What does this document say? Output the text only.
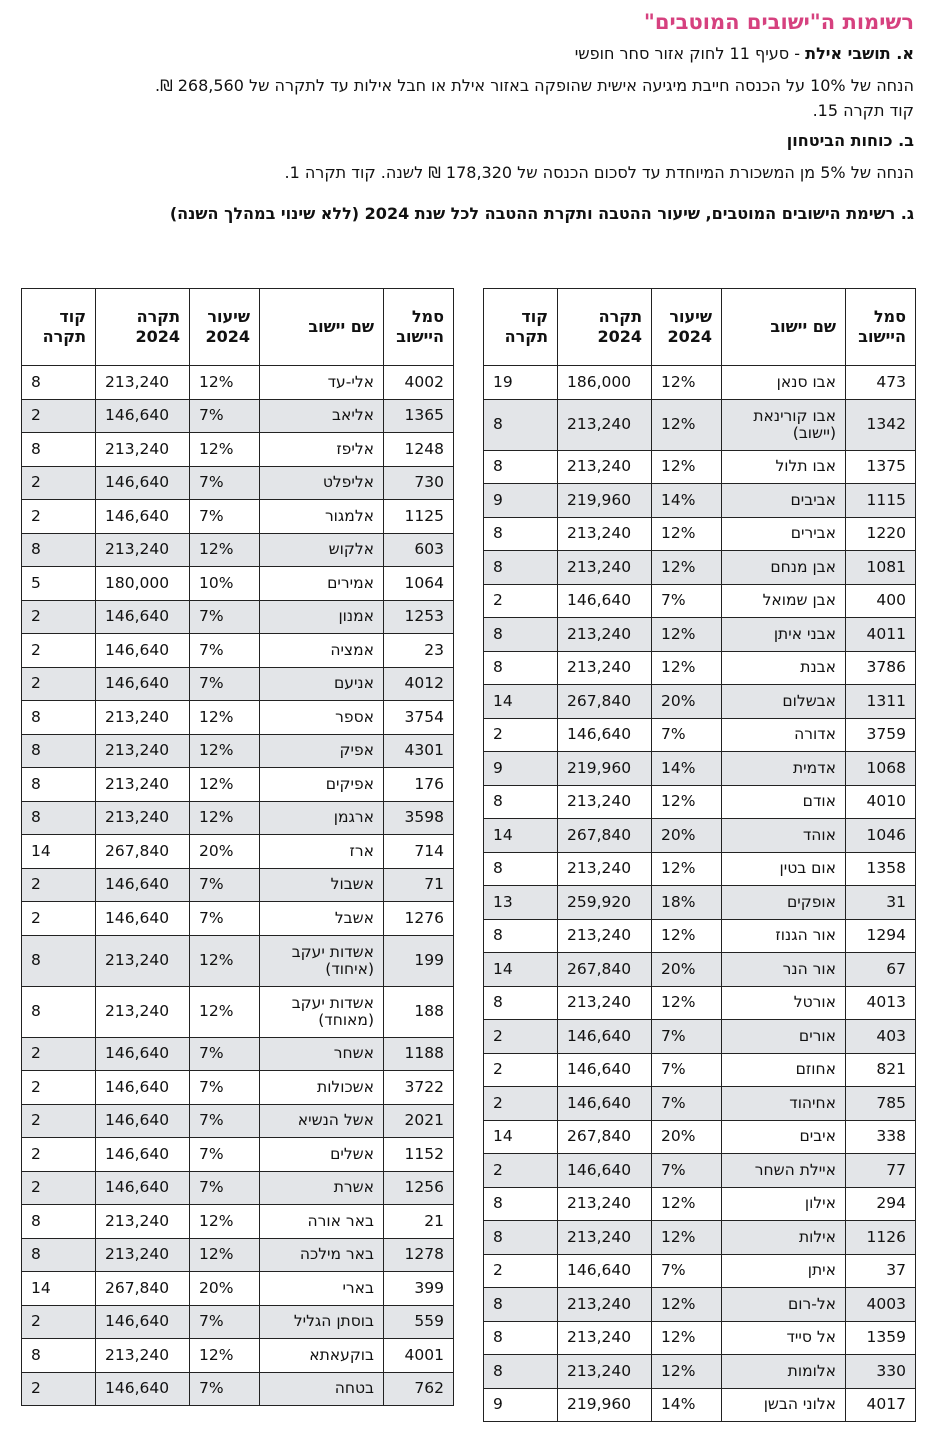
רשימות ה"ישובים המוטבים"
א. תושבי אילת - סעיף 11 לחוק אזור סחר חופשי
הנחה של 10% על הכנסה חייבת מיגיעה אישית שהופקה באזור אילת או חבל אילות עד לתקרה של 268,560 ₪.
קוד תקרה 15.
ב. כוחות הביטחון
הנחה של 5% מן המשכורת המיוחדת עד לסכום הכנסה של 178,320 ₪ לשנה. קוד תקרה 1.
ג. רשימת הישובים המוטבים, שיעור ההטבה ותקרת ההטבה לכל שנת 2024 (ללא שינוי במהלך השנה)
סמל היישוב	שם יישוב	שיעור 2024	תקרה 2024	קוד תקרה
473	אבו סנאן	12%	186,000	19
1342	אבו קורינאת (יישוב)	12%	213,240	8
1375	אבו תלול	12%	213,240	8
1115	אביבים	14%	219,960	9
1220	אבירים	12%	213,240	8
1081	אבן מנחם	12%	213,240	8
400	אבן שמואל	7%	146,640	2
4011	אבני איתן	12%	213,240	8
3786	אבנת	12%	213,240	8
1311	אבשלום	20%	267,840	14
3759	אדורה	7%	146,640	2
1068	אדמית	14%	219,960	9
4010	אודם	12%	213,240	8
1046	אוהד	20%	267,840	14
1358	אום בטין	12%	213,240	8
31	אופקים	18%	259,920	13
1294	אור הגנוז	12%	213,240	8
67	אור הנר	20%	267,840	14
4013	אורטל	12%	213,240	8
403	אורים	7%	146,640	2
821	אחוזם	7%	146,640	2
785	אחיהוד	7%	146,640	2
338	איבים	20%	267,840	14
77	איילת השחר	7%	146,640	2
294	אילון	12%	213,240	8
1126	אילות	12%	213,240	8
37	איתן	7%	146,640	2
4003	אל-רום	12%	213,240	8
1359	אל סייד	12%	213,240	8
330	אלומות	12%	213,240	8
4017	אלוני הבשן	14%	219,960	9
סמל היישוב	שם יישוב	שיעור 2024	תקרה 2024	קוד תקרה
4002	אלי-עד	12%	213,240	8
1365	אליאב	7%	146,640	2
1248	אליפז	12%	213,240	8
730	אליפלט	7%	146,640	2
1125	אלמגור	7%	146,640	2
603	אלקוש	12%	213,240	8
1064	אמירים	10%	180,000	5
1253	אמנון	7%	146,640	2
23	אמציה	7%	146,640	2
4012	אניעם	7%	146,640	2
3754	אספר	12%	213,240	8
4301	אפיק	12%	213,240	8
176	אפיקים	12%	213,240	8
3598	ארגמן	12%	213,240	8
714	ארז	20%	267,840	14
71	אשבול	7%	146,640	2
1276	אשבל	7%	146,640	2
199	אשדות יעקב (איחוד)	12%	213,240	8
188	אשדות יעקב (מאוחד)	12%	213,240	8
1188	אשחר	7%	146,640	2
3722	אשכולות	7%	146,640	2
2021	אשל הנשיא	7%	146,640	2
1152	אשלים	7%	146,640	2
1256	אשרת	7%	146,640	2
21	באר אורה	12%	213,240	8
1278	באר מילכה	12%	213,240	8
399	בארי	20%	267,840	14
559	בוסתן הגליל	7%	146,640	2
4001	בוקעאתא	12%	213,240	8
762	בטחה	7%	146,640	2
